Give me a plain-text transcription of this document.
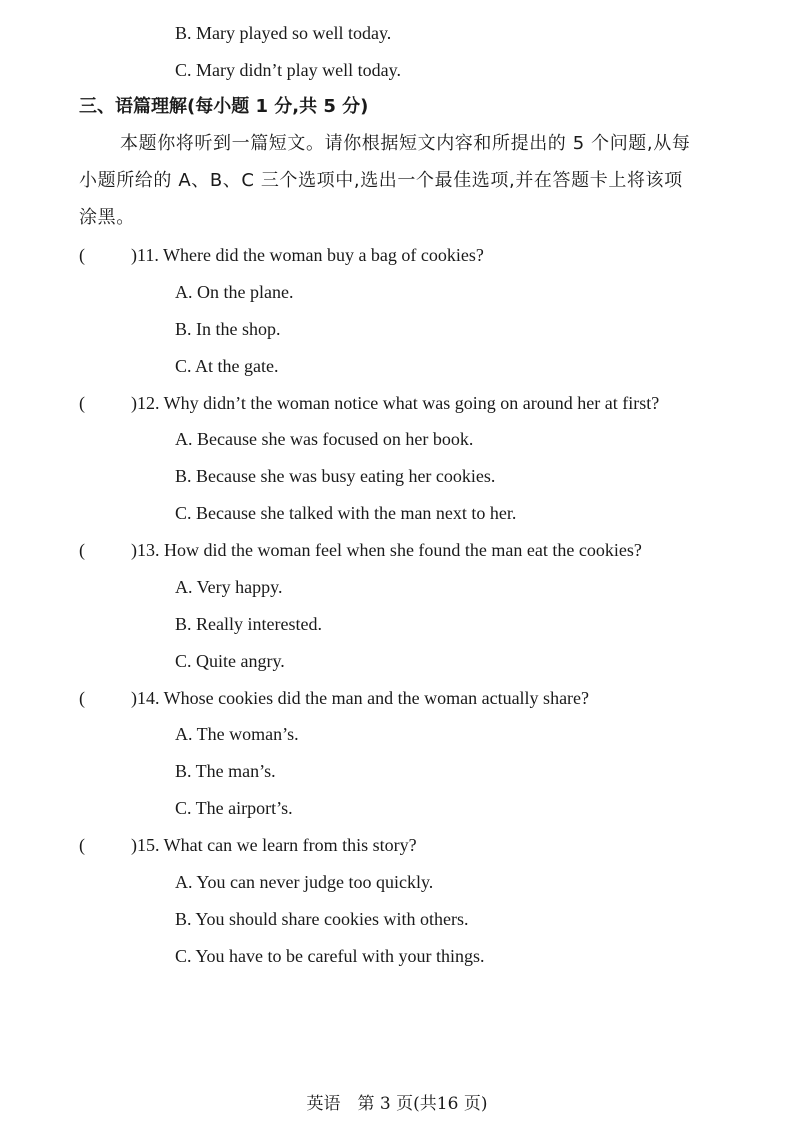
B. Mary played so well today.
C. Mary didn’t play well today.
三、语篇理解(每小题 1 分,共 5 分)
本题你将听到一篇短文。请你根据短文内容和所提出的 5 个问题,从每
小题所给的 A、B、C 三个选项中,选出一个最佳选项,并在答题卡上将该项
涂黑。
(	)11. Where did the woman buy a bag of cookies?
A. On the plane.
B. In the shop.
C. At the gate.
(	)12. Why didn’t the woman notice what was going on around her at first?
A. Because she was focused on her book.
B. Because she was busy eating her cookies.
C. Because she talked with the man next to her.
(	)13. How did the woman feel when she found the man eat the cookies?
A. Very happy.
B. Really interested.
C. Quite angry.
(	)14. Whose cookies did the man and the woman actually share?
A. The woman’s.
B. The man’s.
C. The airport’s.
(	)15. What can we learn from this story?
A. You can never judge too quickly.
B. You should share cookies with others.
C. You have to be careful with your things.
英语　第 3 页(共16 页)
